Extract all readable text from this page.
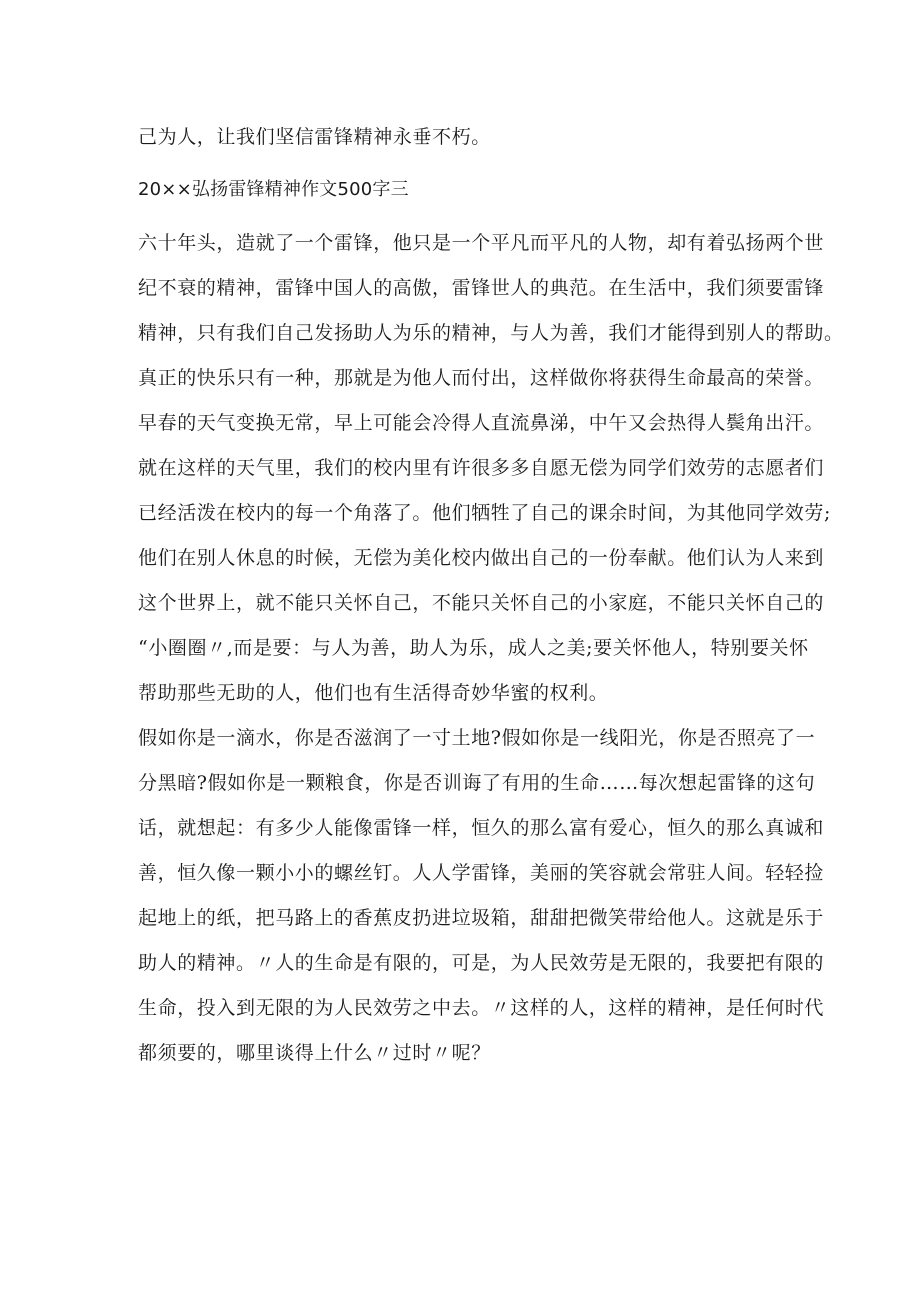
己为人，让我们坚信雷锋精神永垂不朽。
20××弘扬雷锋精神作文500字三
六十年头，造就了一个雷锋，他只是一个平凡而平凡的人物，却有着弘扬两个世
纪不衰的精神，雷锋中国人的高傲，雷锋世人的典范。在生活中，我们须要雷锋
精神，只有我们自己发扬助人为乐的精神，与人为善，我们才能得到别人的帮助。
真正的快乐只有一种，那就是为他人而付出，这样做你将获得生命最高的荣誉。
早春的天气变换无常，早上可能会冷得人直流鼻涕，中午又会热得人鬓角出汗。
就在这样的天气里，我们的校内里有许很多多自愿无偿为同学们效劳的志愿者们
已经活泼在校内的每一个角落了。他们牺牲了自己的课余时间，为其他同学效劳;
他们在别人休息的时候，无偿为美化校内做出自己的一份奉献。他们认为人来到
这个世界上，就不能只关怀自己，不能只关怀自己的小家庭，不能只关怀自己的
“小圈圈〃,而是要：与人为善，助人为乐，成人之美;要关怀他人，特别要关怀
帮助那些无助的人，他们也有生活得奇妙华蜜的权利。
假如你是一滴水，你是否滋润了一寸土地?假如你是一线阳光，你是否照亮了一
分黑暗?假如你是一颗粮食，你是否训诲了有用的生命……每次想起雷锋的这句
话，就想起：有多少人能像雷锋一样，恒久的那么富有爱心，恒久的那么真诚和
善，恒久像一颗小小的螺丝钉。人人学雷锋，美丽的笑容就会常驻人间。轻轻捡
起地上的纸，把马路上的香蕉皮扔进垃圾箱，甜甜把微笑带给他人。这就是乐于
助人的精神。〃人的生命是有限的，可是，为人民效劳是无限的，我要把有限的
生命，投入到无限的为人民效劳之中去。〃这样的人，这样的精神，是任何时代
都须要的，哪里谈得上什么〃过时〃呢？
